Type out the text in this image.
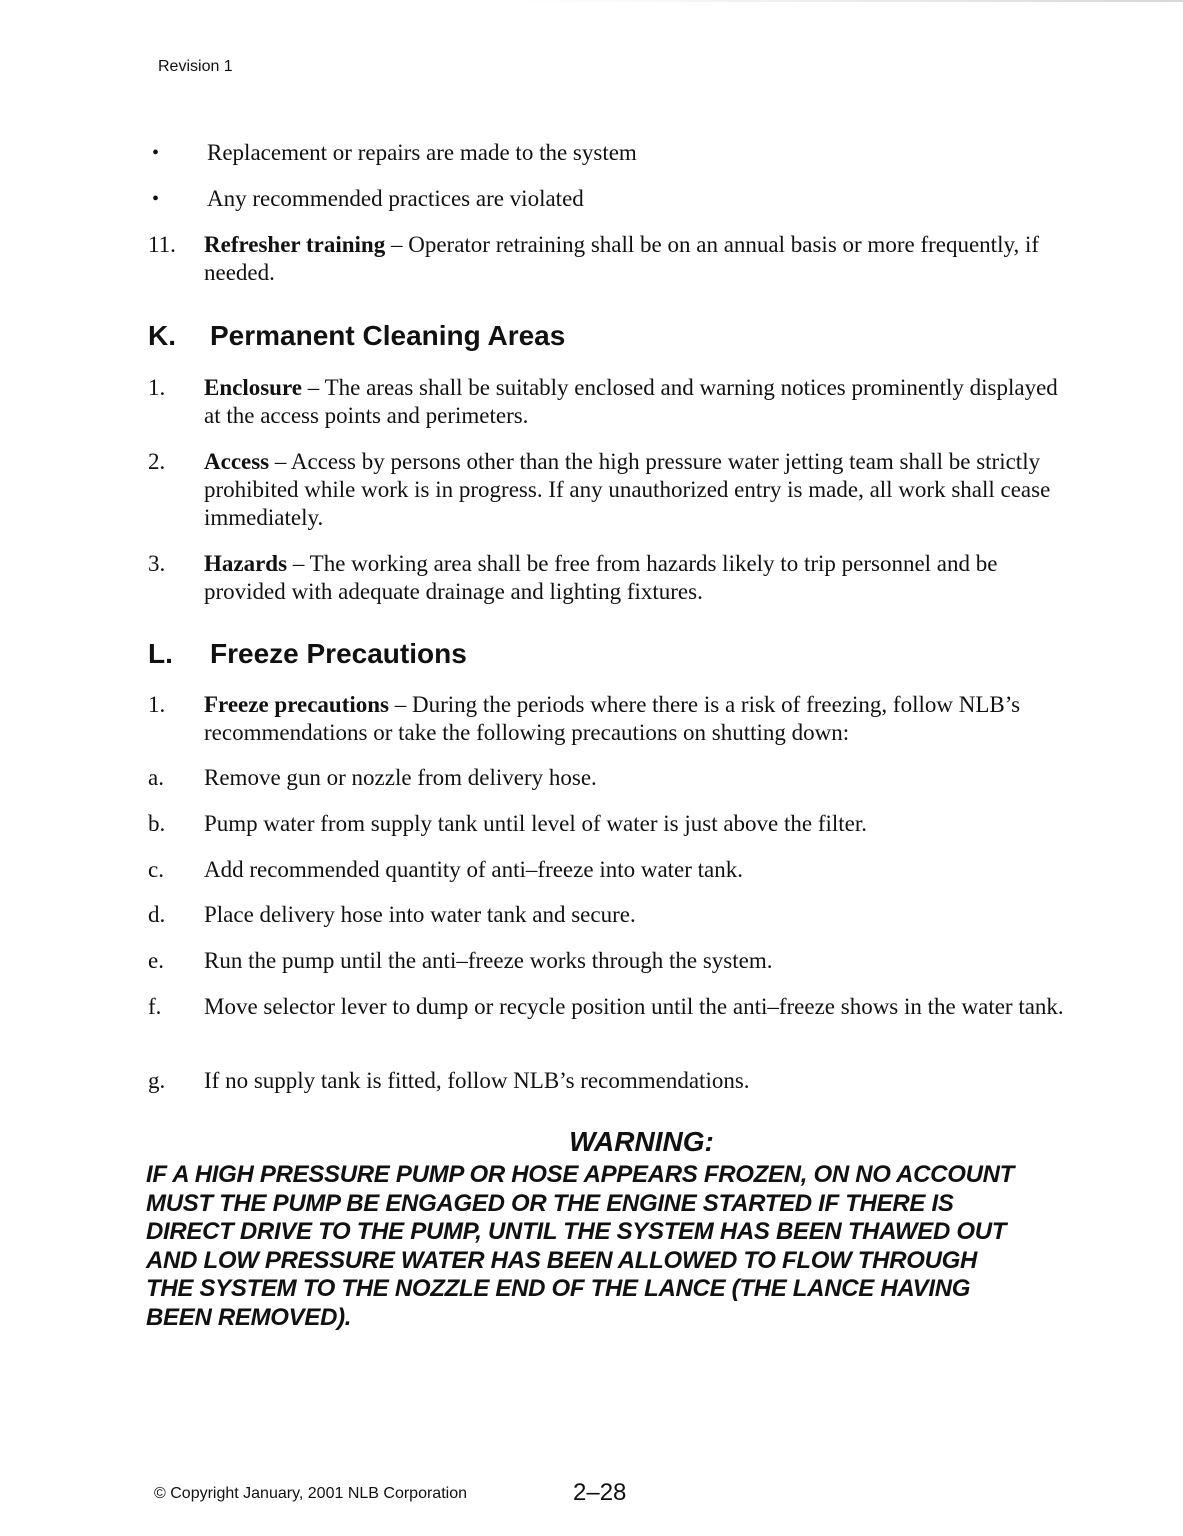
Revision 1
• Replacement or repairs are made to the system
• Any recommended practices are violated
11. Refresher training – Operator retraining shall be on an annual basis or more frequently, if needed.
K. Permanent Cleaning Areas
1. Enclosure – The areas shall be suitably enclosed and warning notices prominently displayed at the access points and perimeters.
2. Access – Access by persons other than the high pressure water jetting team shall be strictly prohibited while work is in progress. If any unauthorized entry is made, all work shall cease immediately.
3. Hazards – The working area shall be free from hazards likely to trip personnel and be provided with adequate drainage and lighting fixtures.
L. Freeze Precautions
1. Freeze precautions – During the periods where there is a risk of freezing, follow NLB’s recommendations or take the following precautions on shutting down:
a. Remove gun or nozzle from delivery hose.
b. Pump water from supply tank until level of water is just above the filter.
c. Add recommended quantity of anti–freeze into water tank.
d. Place delivery hose into water tank and secure.
e. Run the pump until the anti–freeze works through the system.
f. Move selector lever to dump or recycle position until the anti–freeze shows in the water tank.
g. If no supply tank is fitted, follow NLB’s recommendations.
WARNING:
IF A HIGH PRESSURE PUMP OR HOSE APPEARS FROZEN, ON NO ACCOUNT
MUST THE PUMP BE ENGAGED OR THE ENGINE STARTED IF THERE IS
DIRECT DRIVE TO THE PUMP, UNTIL THE SYSTEM HAS BEEN THAWED OUT
AND LOW PRESSURE WATER HAS BEEN ALLOWED TO FLOW THROUGH
THE SYSTEM TO THE NOZZLE END OF THE LANCE (THE LANCE HAVING
BEEN REMOVED).
© Copyright January, 2001 NLB Corporation	2–28
